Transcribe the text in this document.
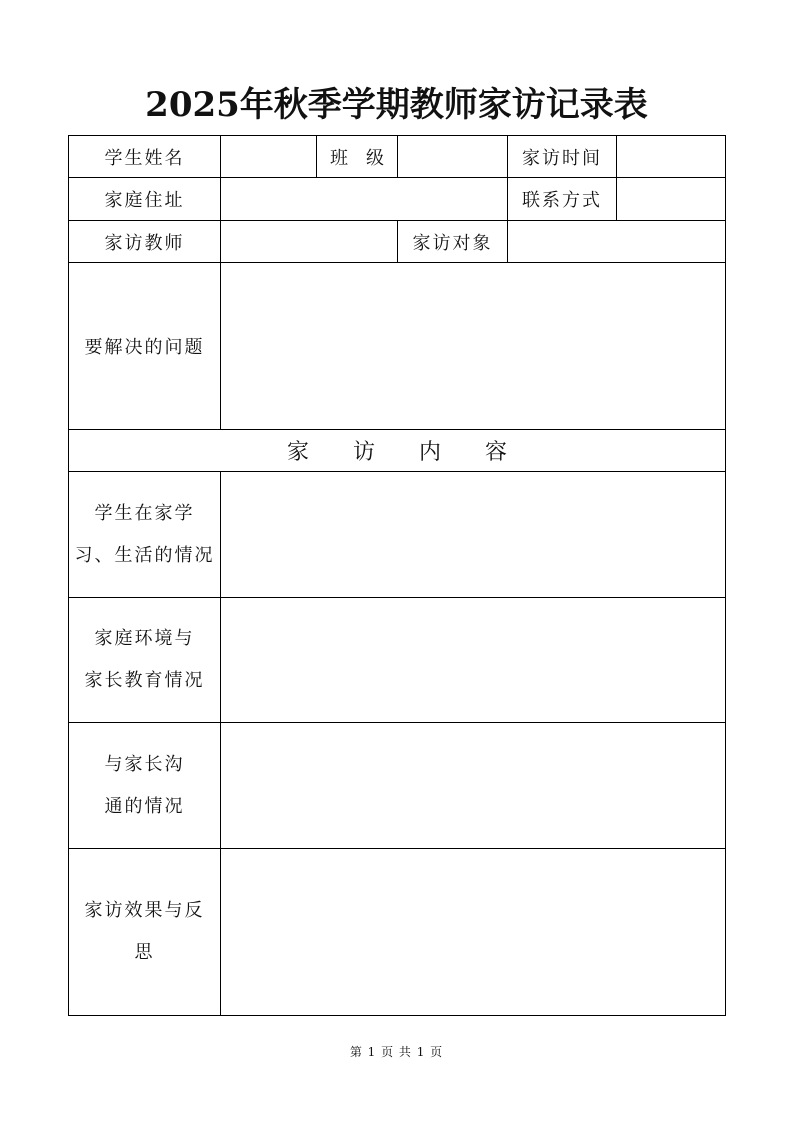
2025年秋季学期教师家访记录表
学生姓名	班　级	家访时间
家庭住址	联系方式
家访教师	家访对象
要解决的问题
家 访 内 容
学生在家学
习、生活的情况
家庭环境与
家长教育情况
与家长沟
通的情况
家访效果与反
思
第 1 页 共 1 页
